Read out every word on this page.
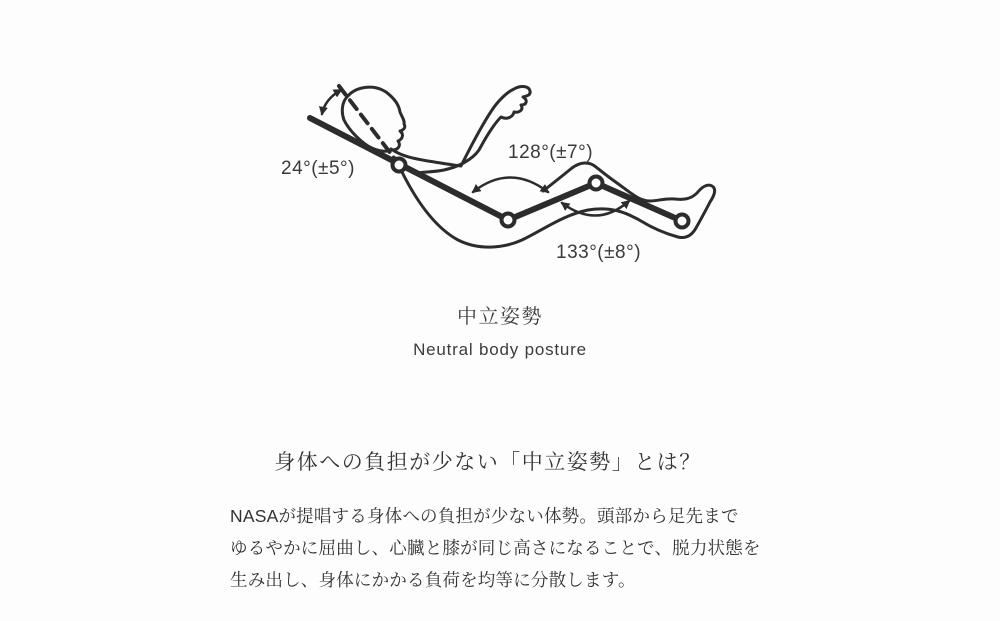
24°(±5°)
128°(±7°)
133°(±8°)
中立姿勢
Neutral body posture
身体への負担が少ない「中立姿勢」とは？
NASAが提唱する身体への負担が少ない体勢。頭部から足先まで
ゆるやかに屈曲し、心臓と膝が同じ高さになることで、脱力状態を
生み出し、身体にかかる負荷を均等に分散します。
